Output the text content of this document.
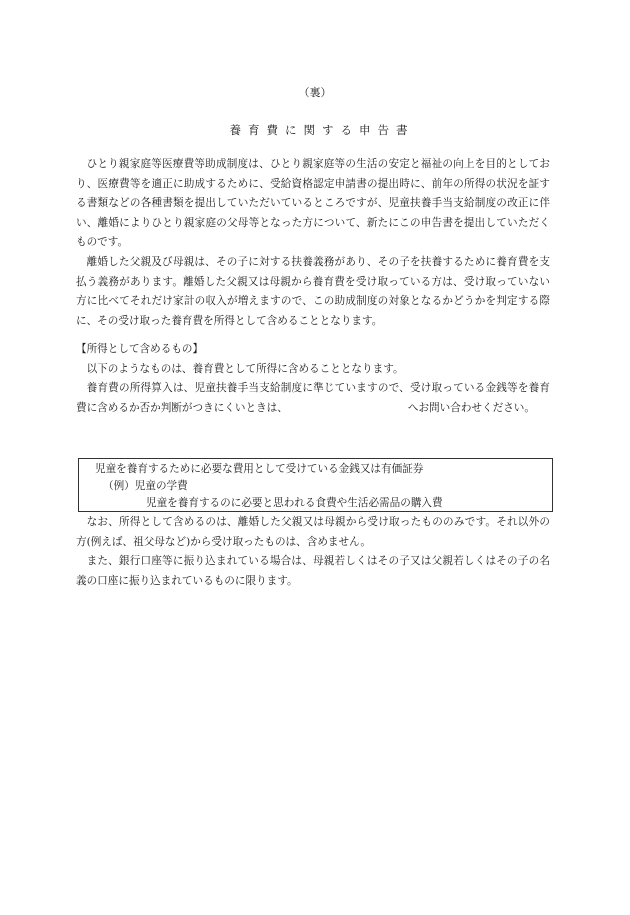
（裏）
養育費に関する申告書

ひとり親家庭等医療費等助成制度は、ひとり親家庭等の生活の安定と福祉の向上を目的としており、医療費等を適正に助成するために、受給資格認定申請書の提出時に、前年の所得の状況を証する書類などの各種書類を提出していただいているところですが、児童扶養手当支給制度の改正に伴い、離婚によりひとり親家庭の父母等となった方について、新たにこの申告書を提出していただくものです。

離婚した父親及び母親は、その子に対する扶養義務があり、その子を扶養するために養育費を支払う義務があります。離婚した父親又は母親から養育費を受け取っている方は、受け取っていない方に比べてそれだけ家計の収入が増えますので、この助成制度の対象となるかどうかを判定する際に、その受け取った養育費を所得として含めることとなります。

【所得として含めるもの】

以下のようなものは、養育費として所得に含めることとなります。

養育費の所得算入は、児童扶養手当支給制度に準じていますので、受け取っている金銭等を養育費に含めるか否か判断がつきにくいときは、	へお問い合わせください。

児童を養育するために必要な費用として受けている金銭又は有価証券
（例）児童の学費
児童を養育するのに必要と思われる食費や生活必需品の購入費

なお、所得として含めるのは、離婚した父親又は母親から受け取ったもののみです。それ以外の方(例えば、祖父母など)から受け取ったものは、含めません。

また、銀行口座等に振り込まれている場合は、母親若しくはその子又は父親若しくはその子の名義の口座に振り込まれているものに限ります。
